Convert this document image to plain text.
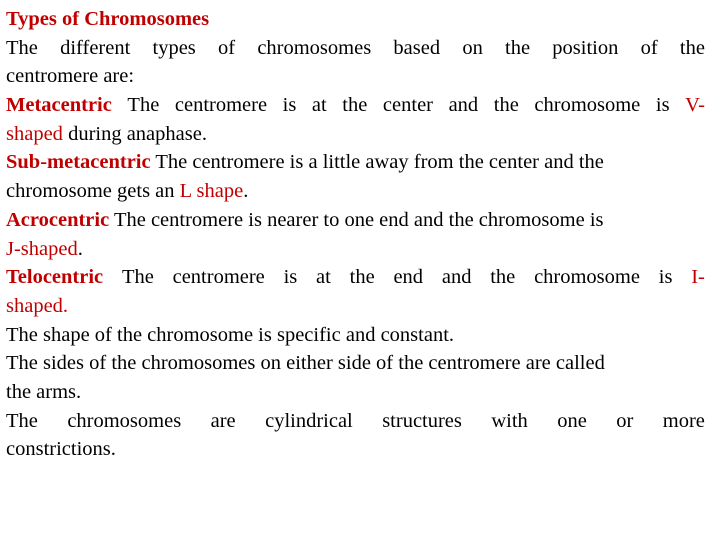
Types of Chromosomes
The different types of chromosomes based on the position of the
centromere are:
Metacentric The centromere is at the center and the chromosome is V-
shaped during anaphase.
Sub-metacentric The centromere is a little away from the center and the
chromosome gets an L shape.
Acrocentric The centromere is nearer to one end and the chromosome is
J-shaped.
Telocentric The centromere is at the end and the chromosome is I-
shaped.
The shape of the chromosome is specific and constant.
The sides of the chromosomes on either side of the centromere are called
the arms.
The chromosomes are cylindrical structures with one or more
constrictions.
